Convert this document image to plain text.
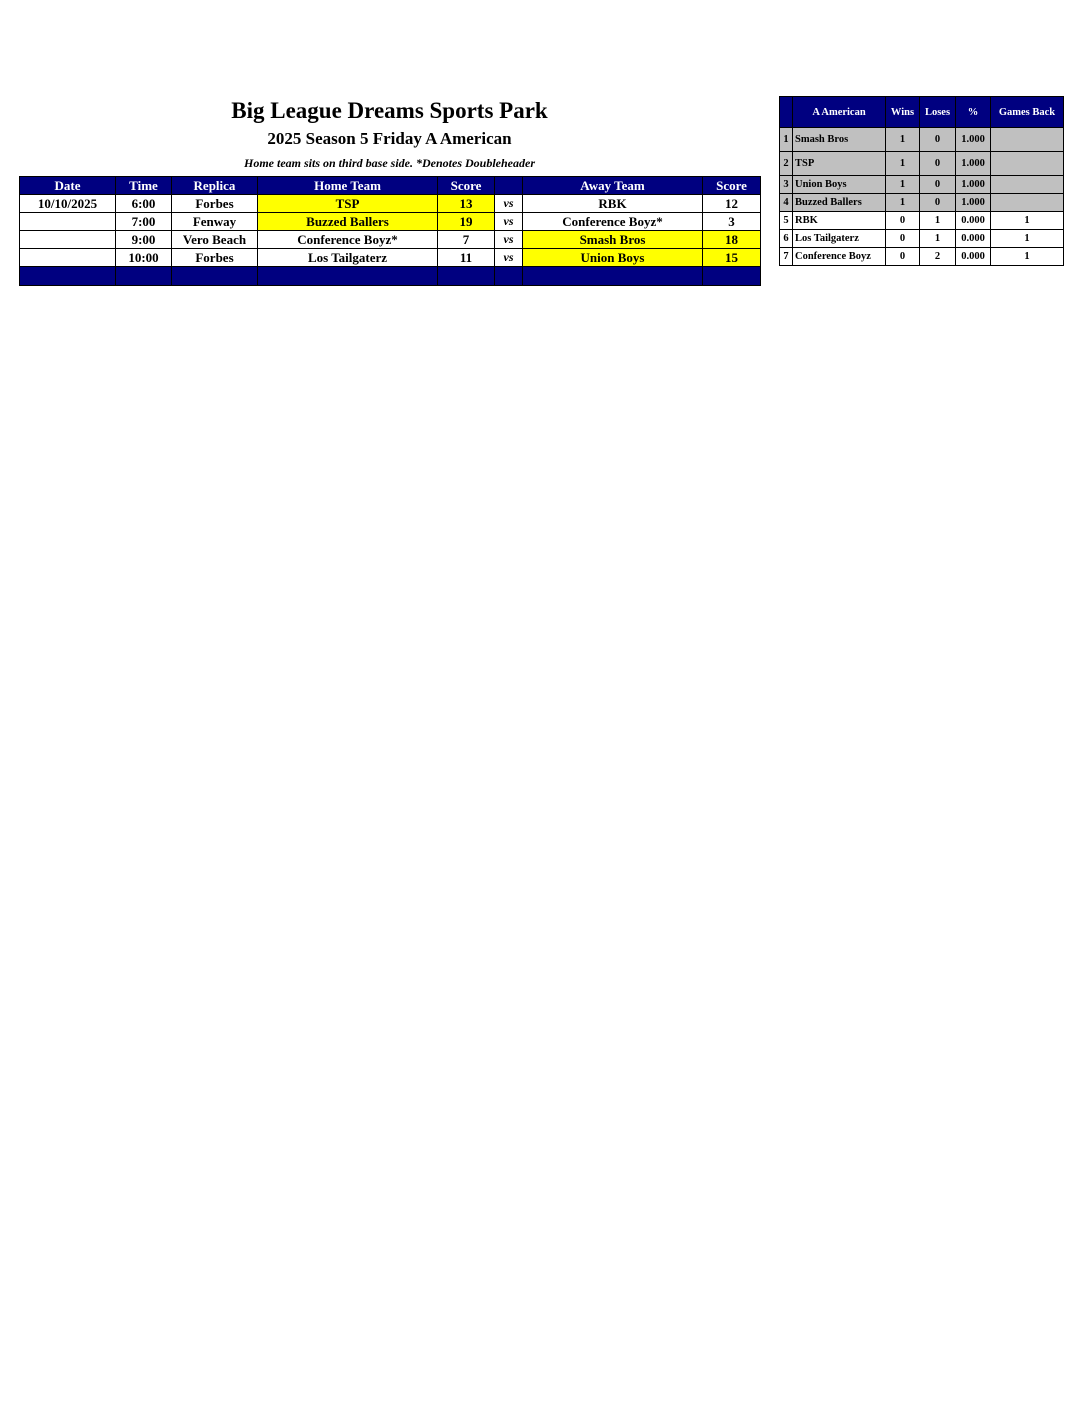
Big League Dreams Sports Park
2025 Season 5 Friday A American
Home team sits on third base side. *Denotes Doubleheader
Date	Time	Replica	Home Team	Score		Away Team	Score
10/10/2025	6:00	Forbes	TSP	13	vs	RBK	12
	7:00	Fenway	Buzzed Ballers	19	vs	Conference Boyz*	3
	9:00	Vero Beach	Conference Boyz*	7	vs	Smash Bros	18
	10:00	Forbes	Los Tailgaterz	11	vs	Union Boys	15

	A American	Wins	Loses	%	Games Back
1	Smash Bros	1	0	1.000	
2	TSP	1	0	1.000	
3	Union Boys	1	0	1.000	
4	Buzzed Ballers	1	0	1.000	
5	RBK	0	1	0.000	1
6	Los Tailgaterz	0	1	0.000	1
7	Conference Boyz	0	2	0.000	1
